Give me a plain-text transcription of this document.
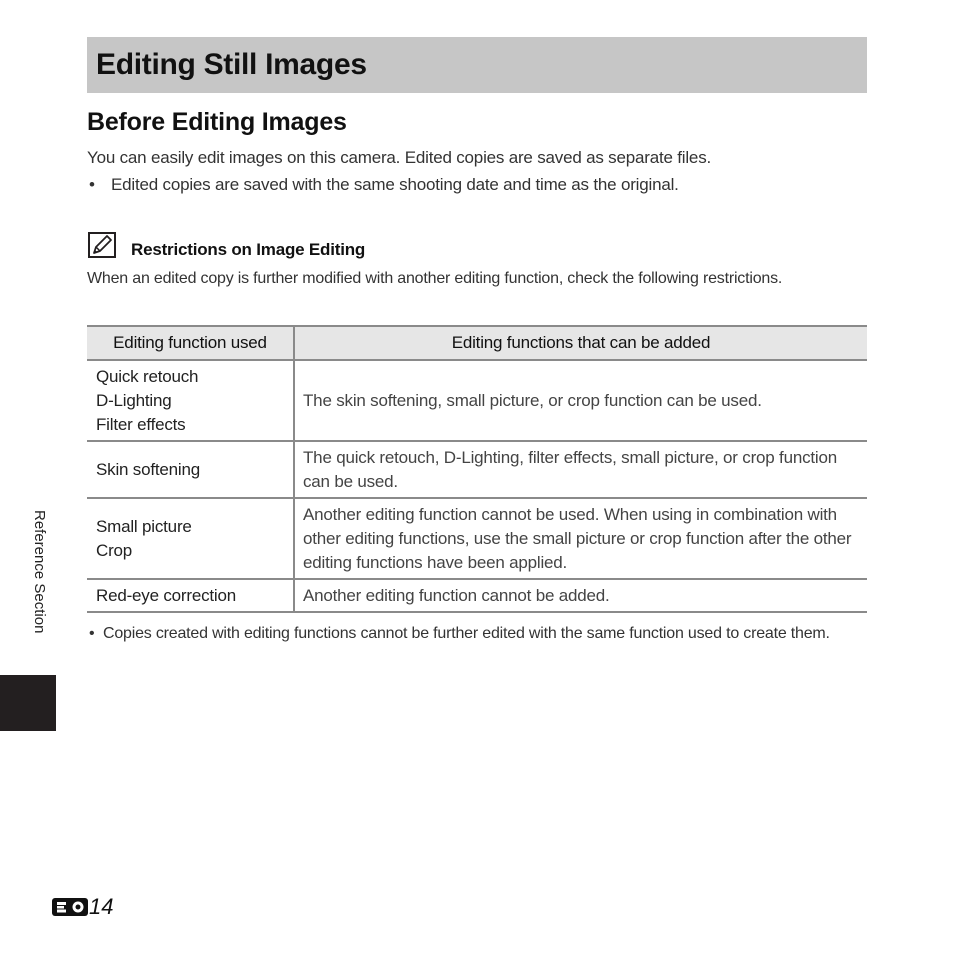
Editing Still Images
Before Editing Images

You can easily edit images on this camera. Edited copies are saved as separate files.

• Edited copies are saved with the same shooting date and time as the original.
Restrictions on Image Editing

When an edited copy is further modified with another editing function, check the following restrictions.

Editing function used	Editing functions that can be added

Quick retouch
D-Lighting
Filter effects	The skin softening, small picture, or crop function can be used.

Skin softening	The quick retouch, D-Lighting, filter effects, small picture, or crop function can be used.

Small picture
Crop	Another editing function cannot be used. When using in combination with other editing functions, use the small picture or crop function after the other editing functions have been applied.

Red-eye correction	Another editing function cannot be added.
• Copies created with editing functions cannot be further edited with the same function used to create them.
Reference Section
14
